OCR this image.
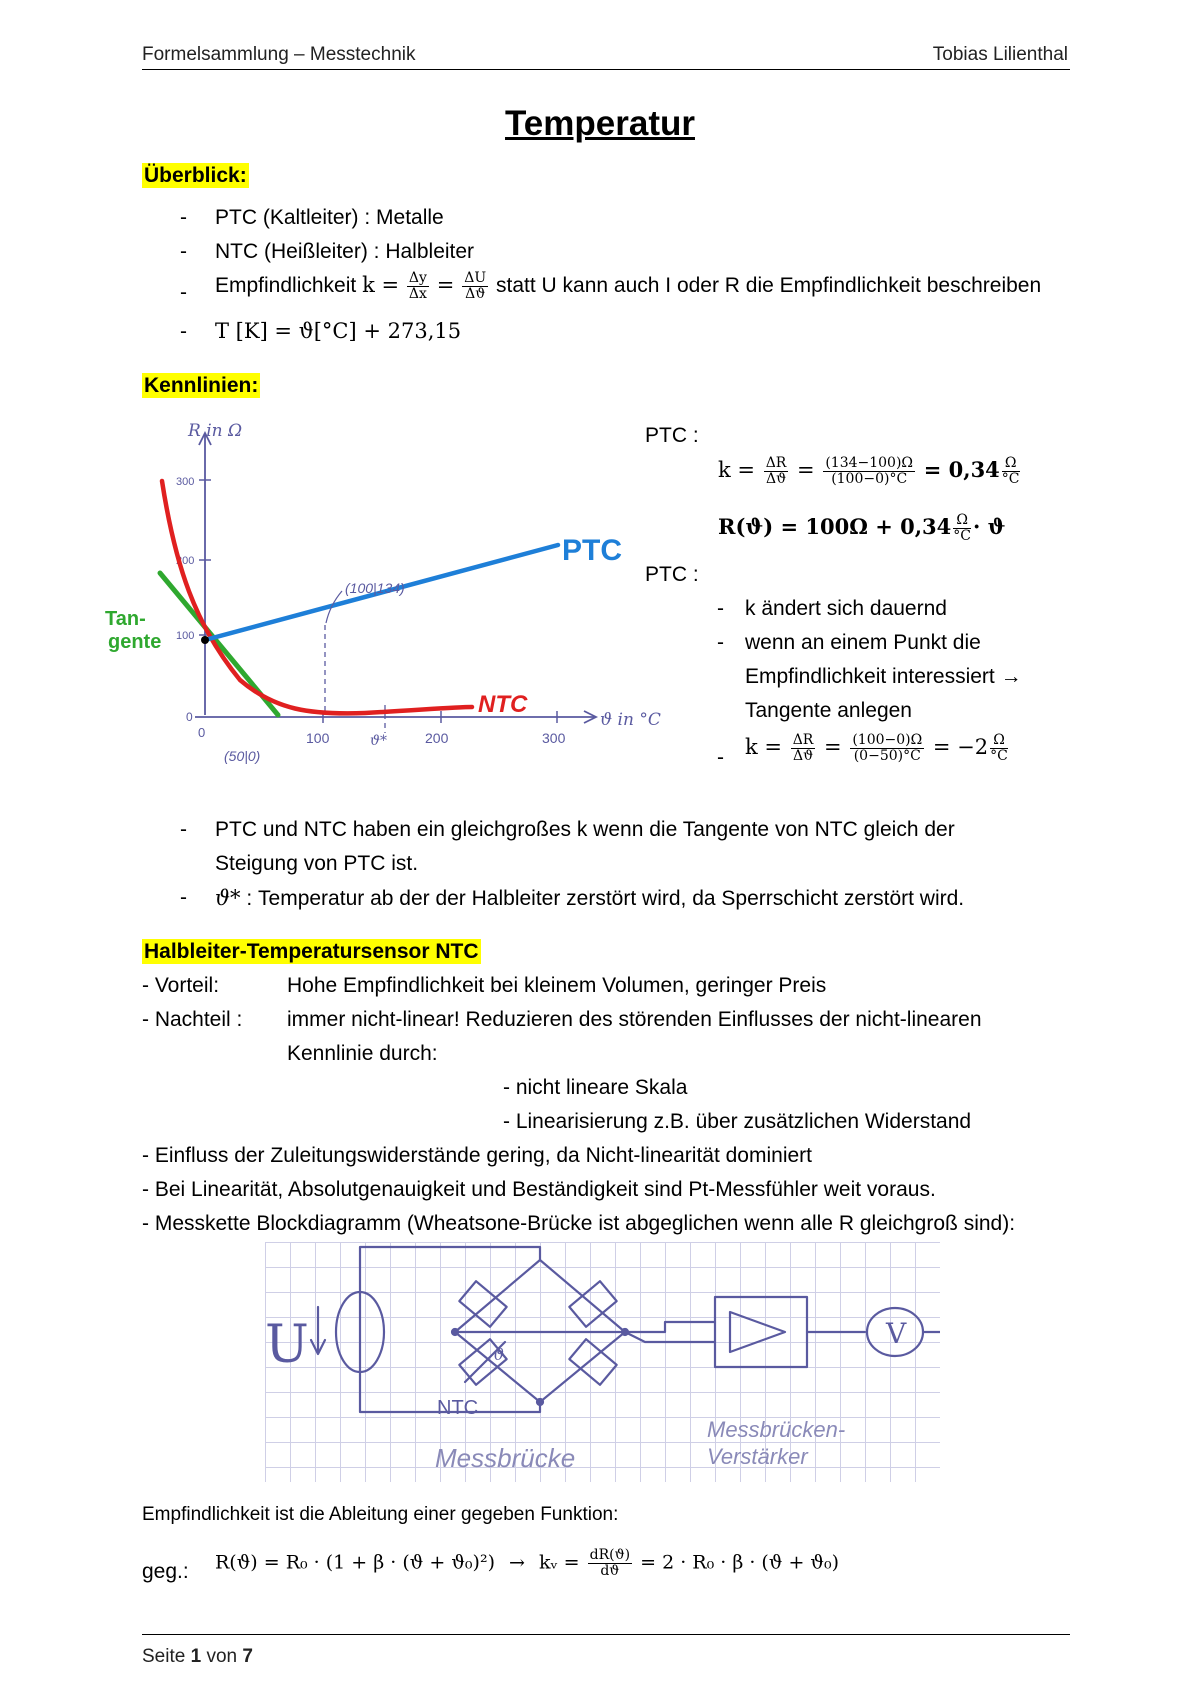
Formelsammlung – Messtechnik	Tobias Lilienthal
Temperatur
Überblick:
- PTC (Kaltleiter) : Metalle
- NTC (Heißleiter) : Halbleiter
- Empfindlichkeit $k = \frac{\Delta y}{\Delta x} = \frac{\Delta U}{\Delta ϑ}$ statt U kann auch I oder R die Empfindlichkeit beschreiben
- T [K] = ϑ[°C] + 273,15
Kennlinien:
R in Ω
ϑ in °C
300
200
100
0
0	100	ϑ*	200	300
PTC
NTC
Tan-
gente
(100|134)
(50|0)
PTC :
$k = \frac{\Delta R}{\Delta ϑ} = \frac{(134-100)\Omega}{(100-0)^\circ C} = 0,34 \frac{\Omega}{^\circ C}$
$R(ϑ) = 100\Omega + 0,34 \frac{\Omega}{^\circ C} \cdot ϑ$
PTC :
- k ändert sich dauernd
- wenn an einem Punkt die
Empfindlichkeit interessiert →
Tangente anlegen
- $k = \frac{\Delta R}{\Delta ϑ} = \frac{(100-0)\Omega}{(0-50)^\circ C} = -2 \frac{\Omega}{^\circ C}$
- PTC und NTC haben ein gleichgroßes k wenn die Tangente von NTC gleich der
Steigung von PTC ist.
- ϑ* : Temperatur ab der der Halbleiter zerstört wird, da Sperrschicht zerstört wird.
Halbleiter-Temperatursensor NTC
- Vorteil:	Hohe Empfindlichkeit bei kleinem Volumen, geringer Preis
- Nachteil : immer nicht-linear! Reduzieren des störenden Einflusses der nicht-linearen
Kennlinie durch:
- nicht lineare Skala
- Linearisierung z.B. über zusätzlichen Widerstand
- Einfluss der Zuleitungswiderstände gering, da Nicht-linearität dominiert
- Bei Linearität, Absolutgenauigkeit und Beständigkeit sind Pt-Messfühler weit voraus.
- Messkette Blockdiagramm (Wheatsone-Brücke ist abgeglichen wenn alle R gleichgroß sind):
U	V
ϑ
NTC
Messbrücke
Messbrücken-
Verstärker
Empfindlichkeit ist die Ableitung einer gegeben Funktion:
geg.: R(ϑ) = R₀ · (1 + β · (ϑ + ϑ₀)²) → kᵥ = $\frac{dR(ϑ)}{dϑ} = 2 \cdot R_0 \cdot \beta \cdot (ϑ + ϑ_0)$
Seite 1 von 7
